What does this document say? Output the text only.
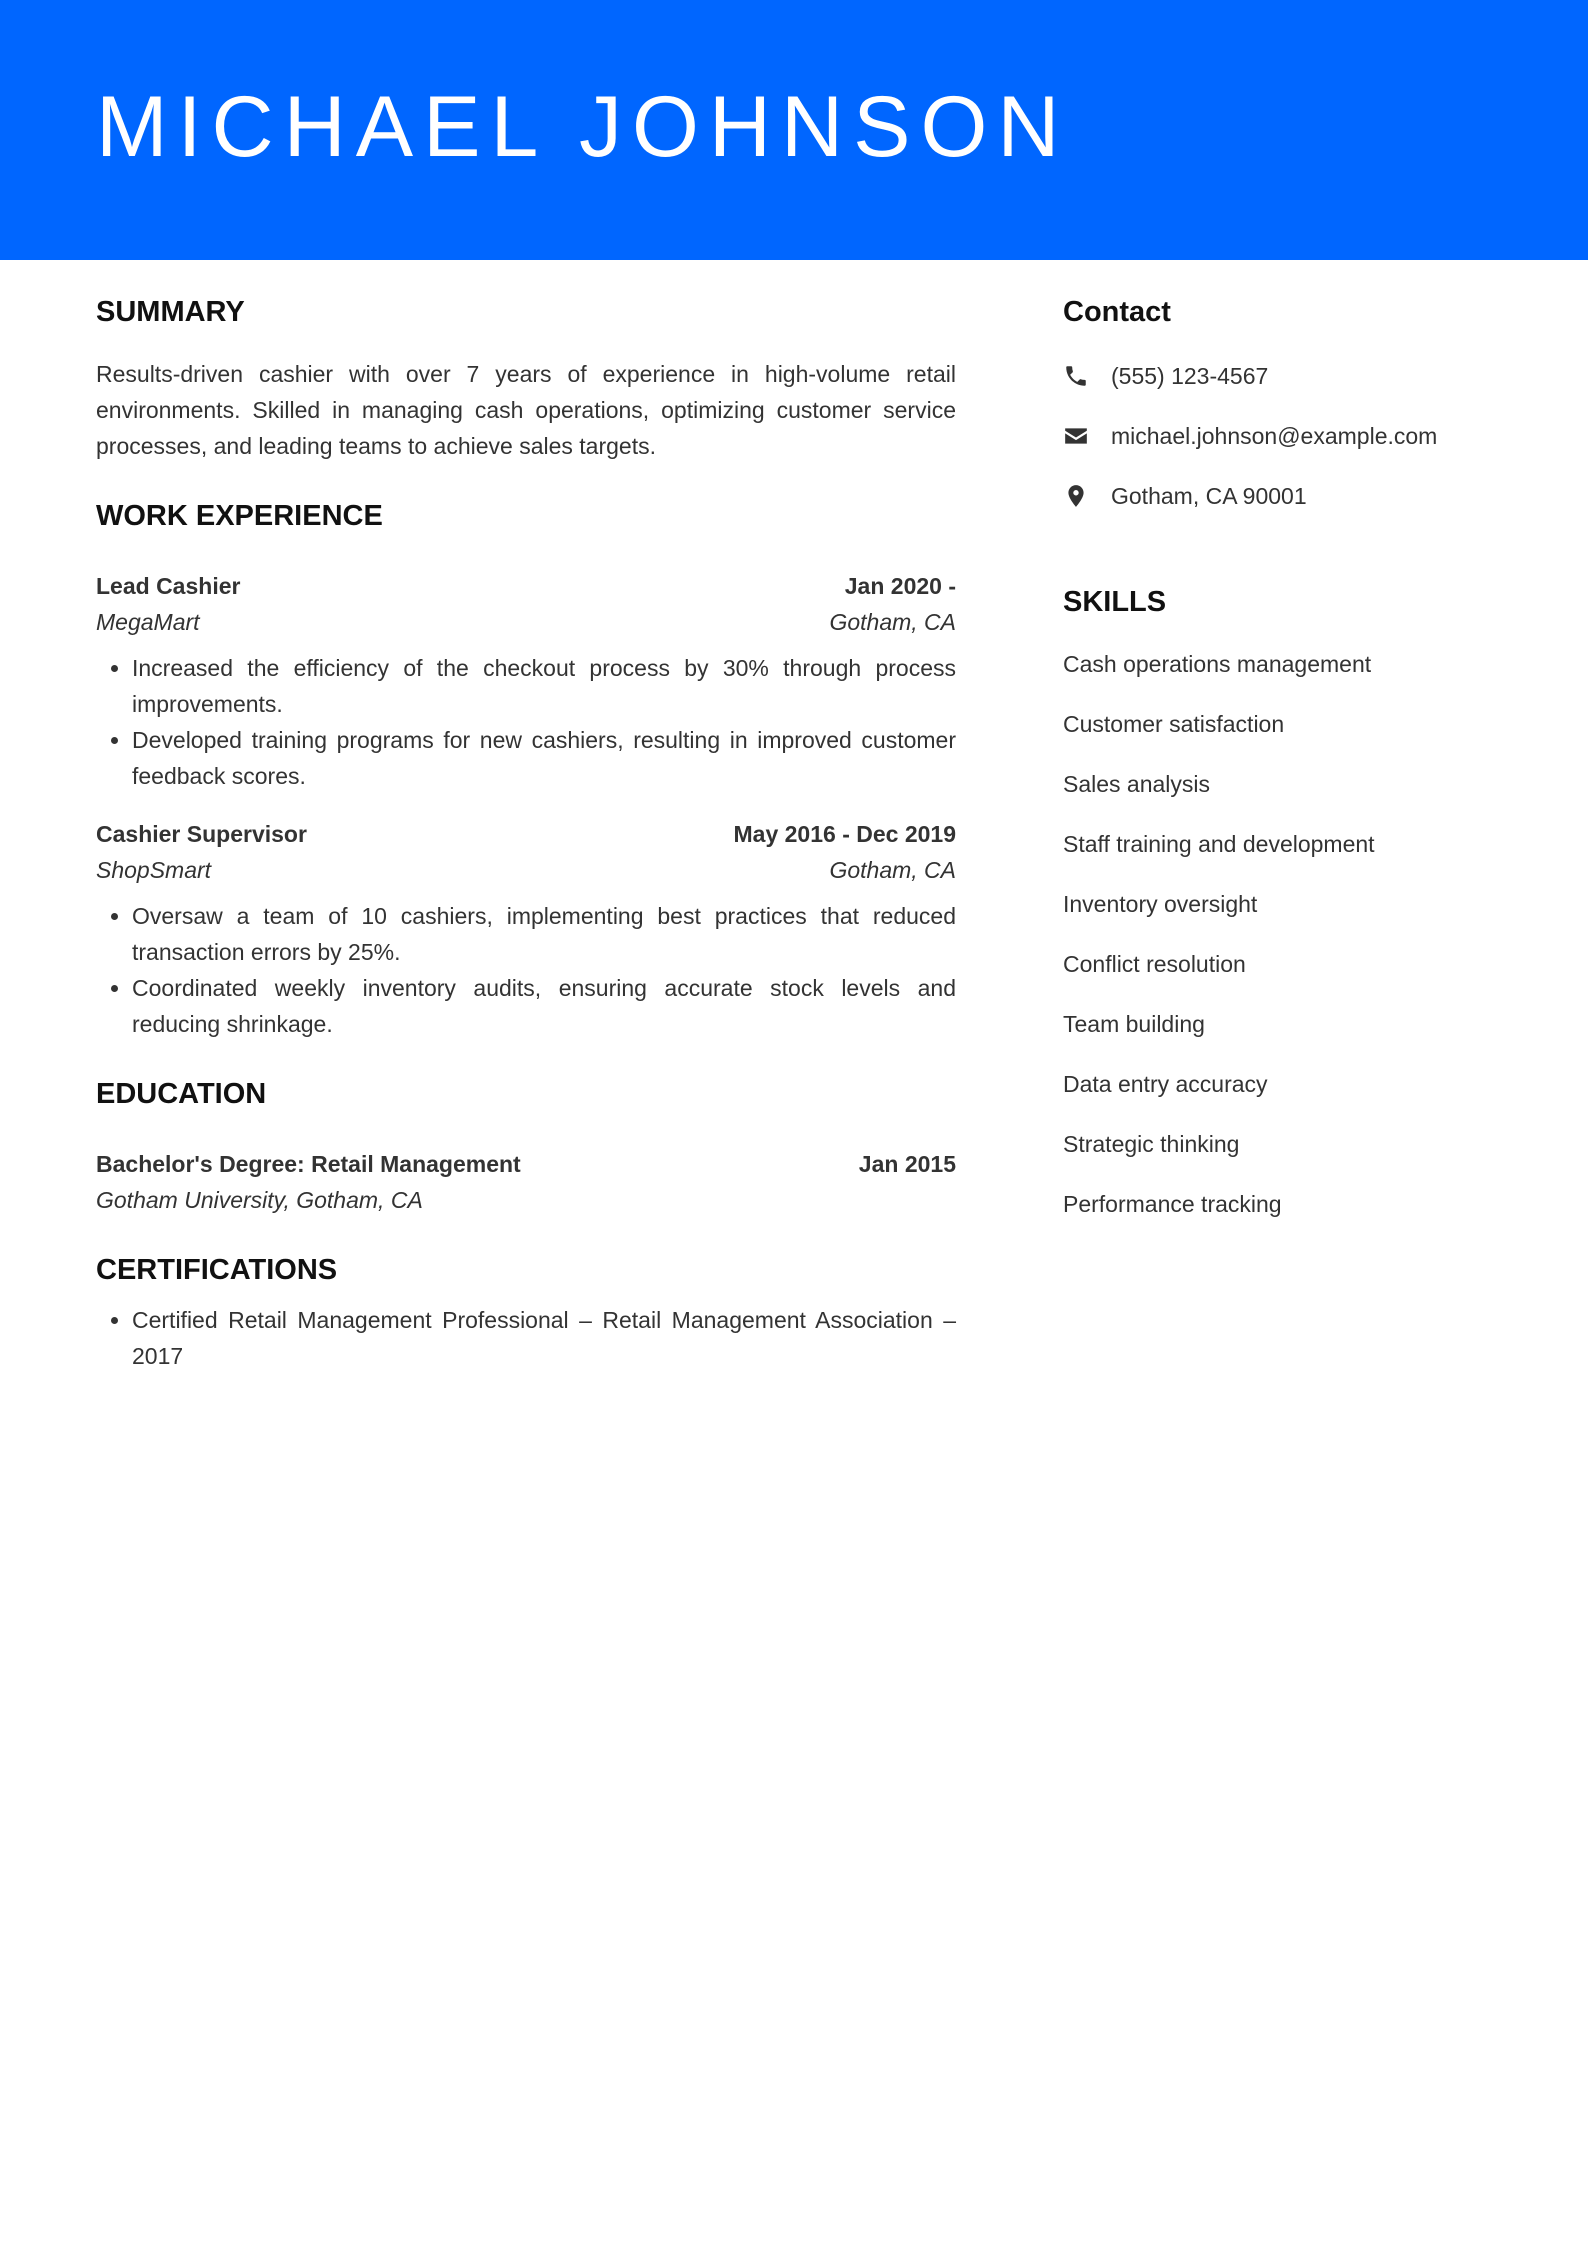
MICHAEL JOHNSON
SUMMARY

Results-driven cashier with over 7 years of experience in high-volume retail environments. Skilled in managing cash operations, optimizing customer service processes, and leading teams to achieve sales targets.

WORK EXPERIENCE
Lead Cashier	Jan 2020 -
MegaMart	Gotham, CA
• Increased the efficiency of the checkout process by 30% through process improvements.
• Developed training programs for new cashiers, resulting in improved customer feedback scores.
Cashier Supervisor	May 2016 - Dec 2019
ShopSmart	Gotham, CA
• Oversaw a team of 10 cashiers, implementing best practices that reduced transaction errors by 25%.
• Coordinated weekly inventory audits, ensuring accurate stock levels and reducing shrinkage.
EDUCATION
Bachelor's Degree: Retail Management	Jan 2015
Gotham University, Gotham, CA
CERTIFICATIONS
• Certified Retail Management Professional – Retail Management Association – 2017
Contact
(555) 123-4567
michael.johnson@example.com
Gotham, CA 90001
SKILLS
Cash operations management
Customer satisfaction
Sales analysis
Staff training and development
Inventory oversight
Conflict resolution
Team building
Data entry accuracy
Strategic thinking
Performance tracking
